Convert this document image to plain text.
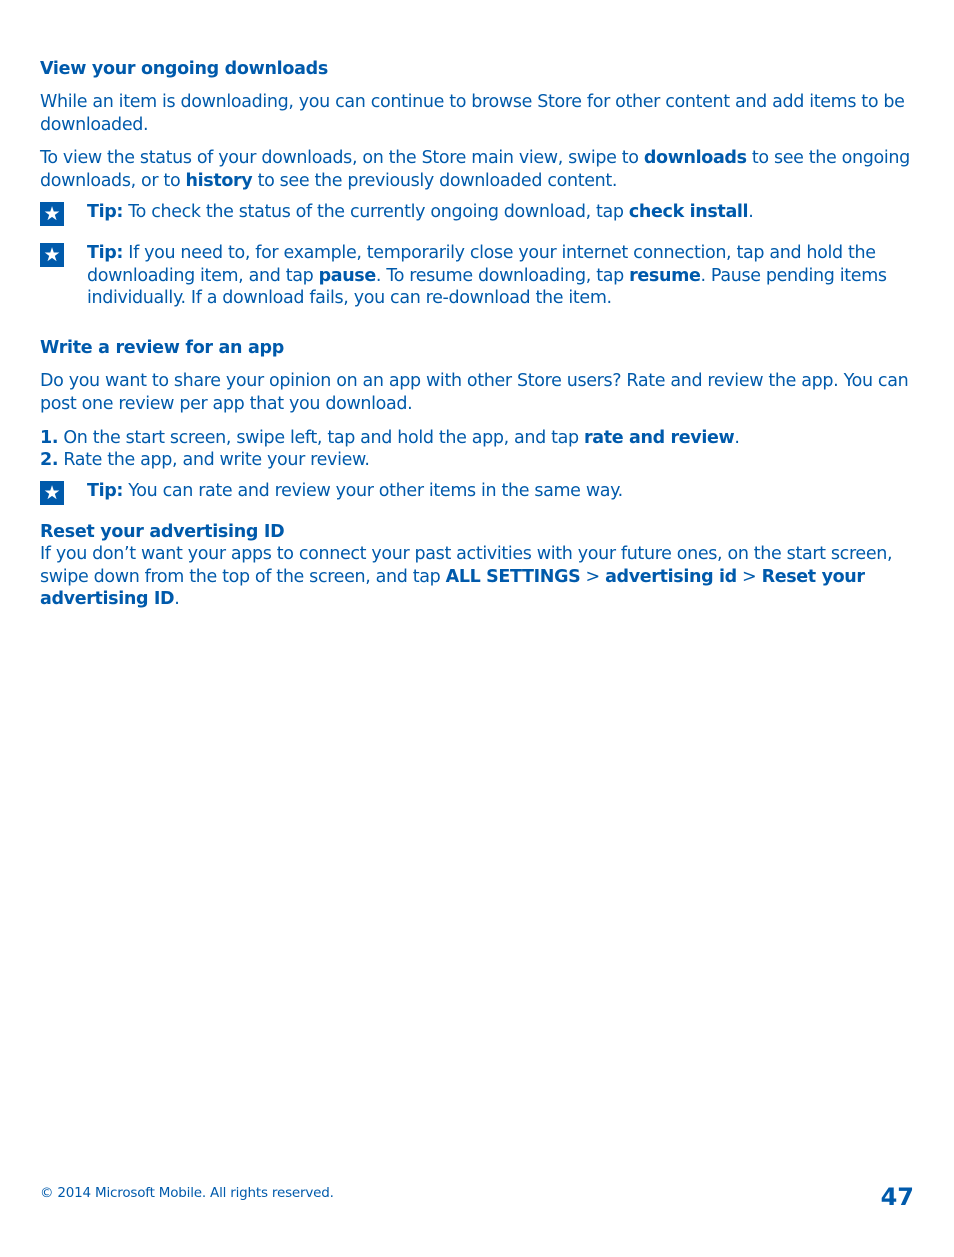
View your ongoing downloads

While an item is downloading, you can continue to browse Store for other content and add items to be downloaded.

To view the status of your downloads, on the Store main view, swipe to downloads to see the ongoing downloads, or to history to see the previously downloaded content.

★ Tip: To check the status of the currently ongoing download, tap check install.

★ Tip: If you need to, for example, temporarily close your internet connection, tap and hold the downloading item, and tap pause. To resume downloading, tap resume. Pause pending items individually. If a download fails, you can re-download the item.

Write a review for an app

Do you want to share your opinion on an app with other Store users? Rate and review the app. You can post one review per app that you download.

1. On the start screen, swipe left, tap and hold the app, and tap rate and review.

2. Rate the app, and write your review.

★ Tip: You can rate and review your other items in the same way.

Reset your advertising ID

If you don’t want your apps to connect your past activities with your future ones, on the start screen, swipe down from the top of the screen, and tap ALL SETTINGS > advertising id > Reset your advertising ID.

© 2014 Microsoft Mobile. All rights reserved.	47
